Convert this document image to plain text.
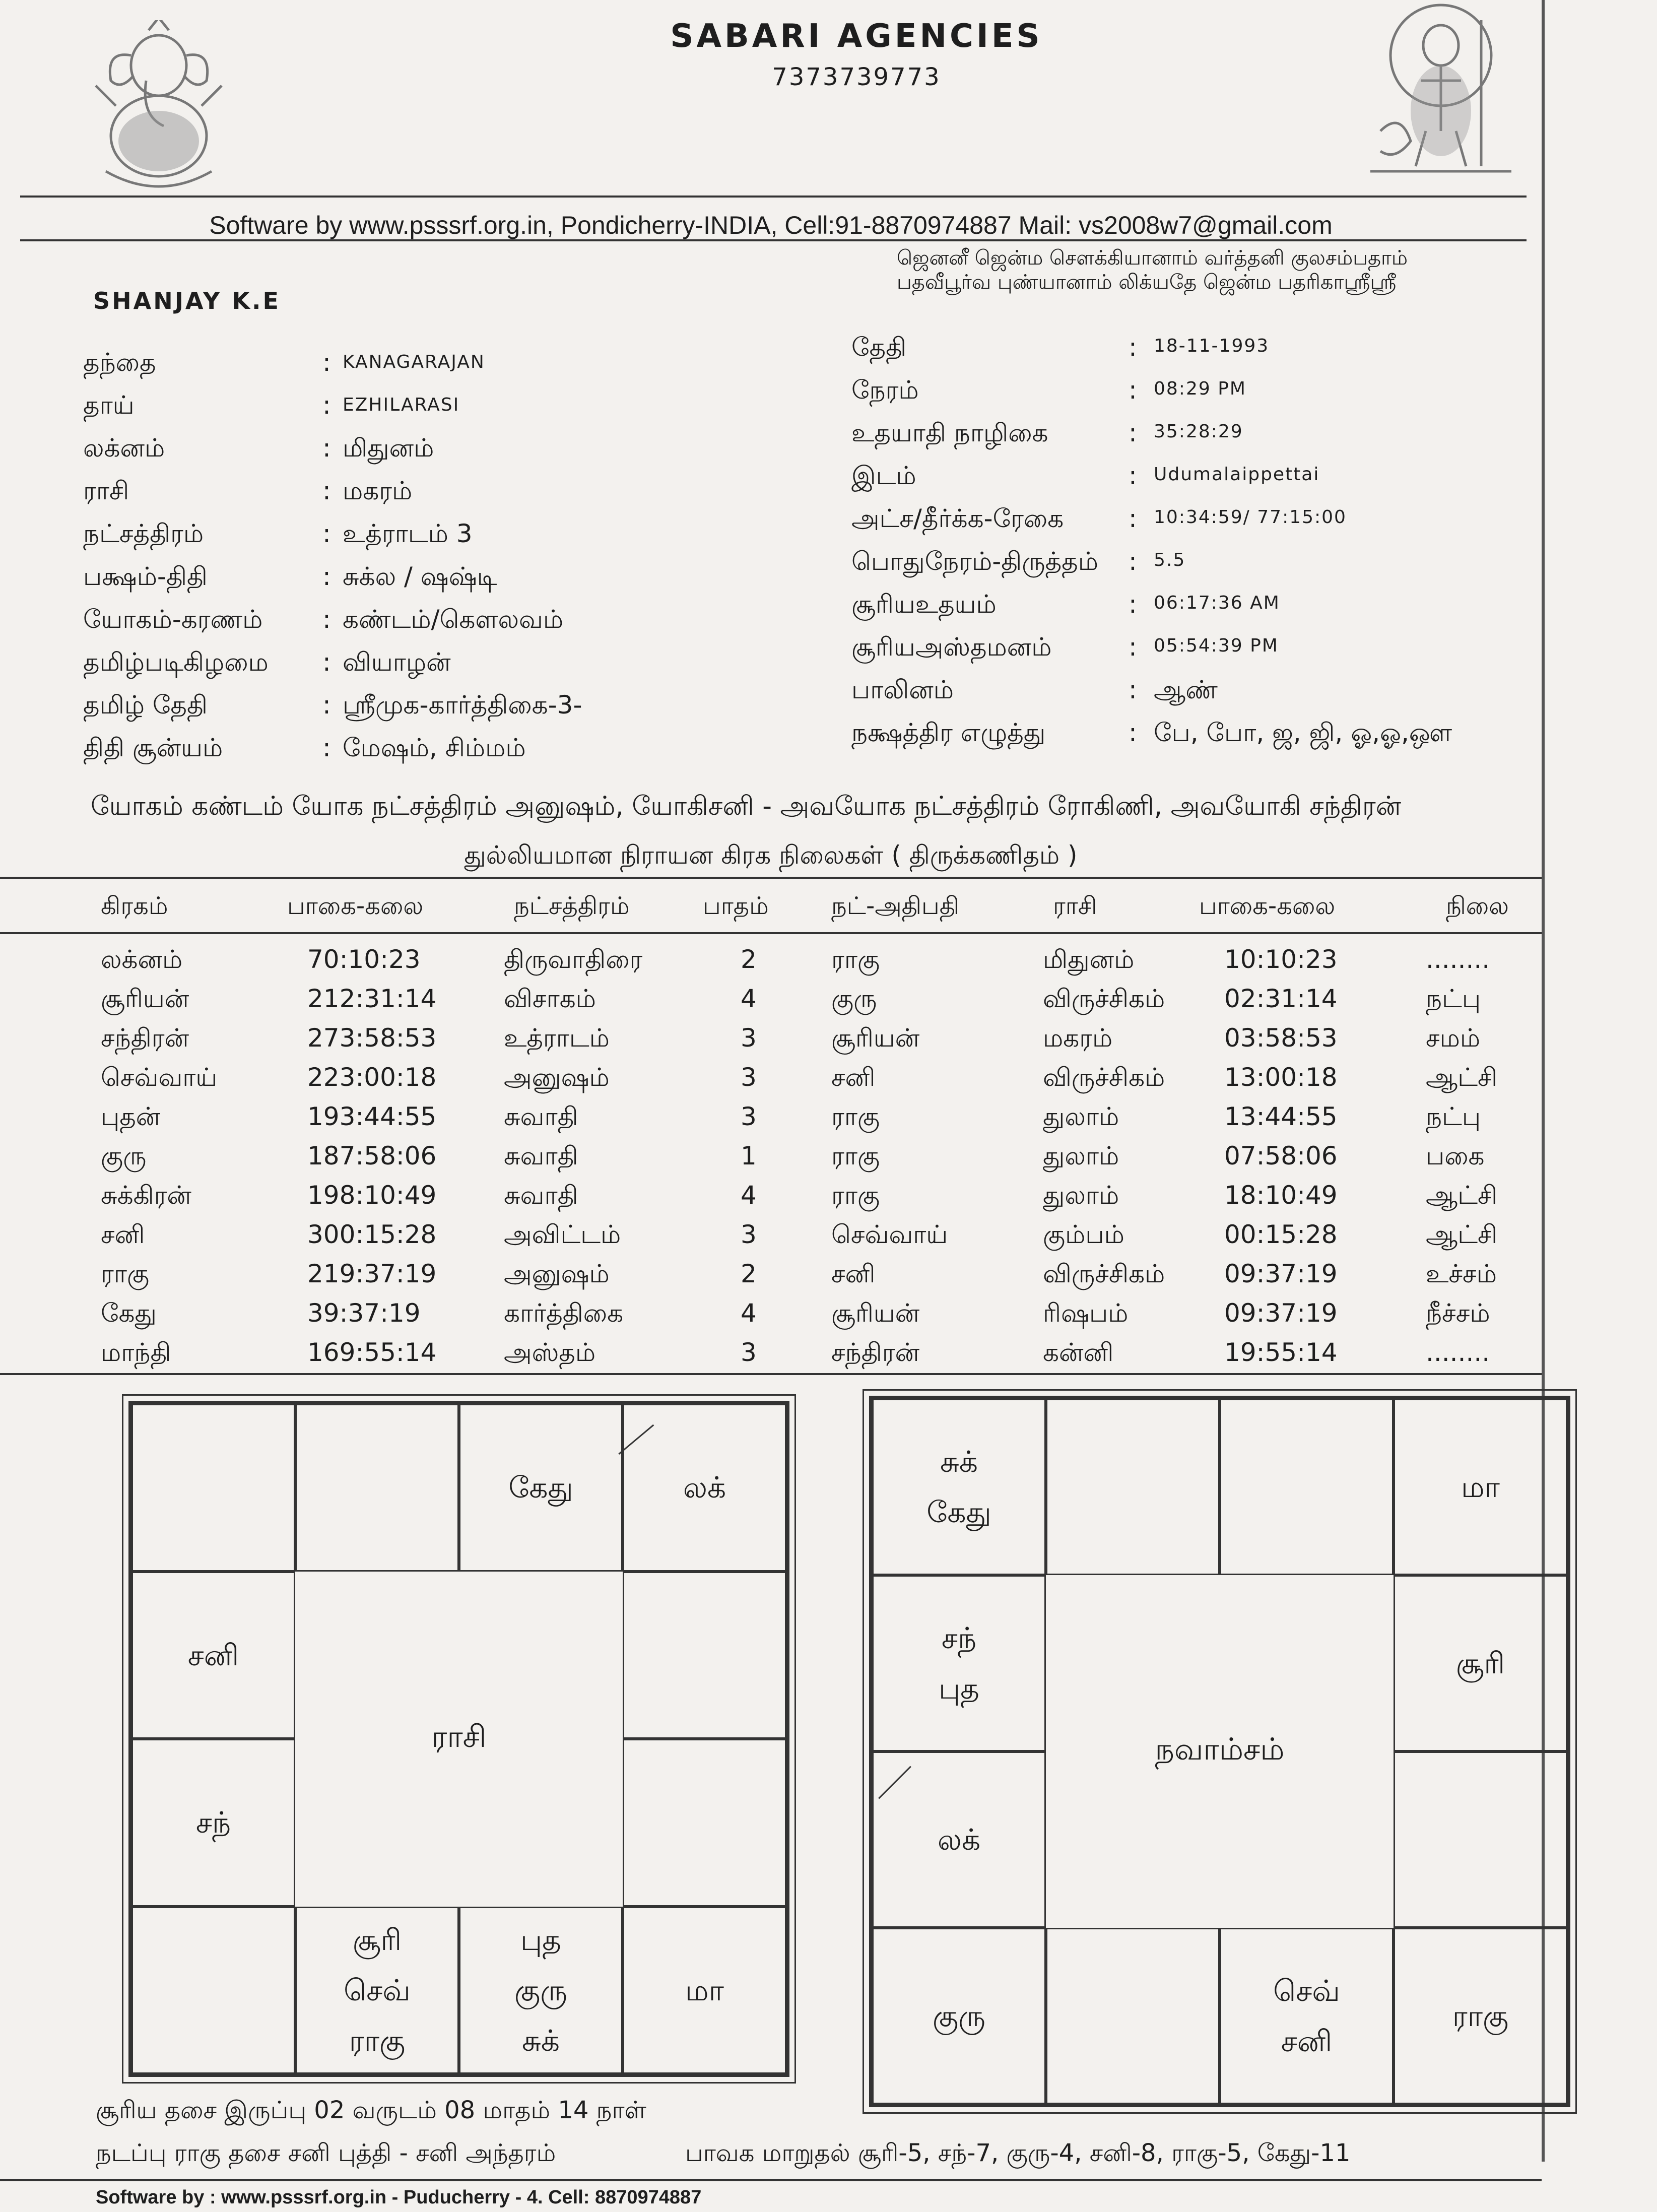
SABARI AGENCIES
7373739773
Software by www.psssrf.org.in, Pondicherry-INDIA, Cell:91-8870974887 Mail: vs2008w7@gmail.com
SHANJAY K.E
ஜெனனீ ஜென்ம சௌக்கியானாம் வர்த்தனி குலசம்பதாம்
பதவீபூர்வ புண்யானாம் லிக்யதே ஜென்ம பதரிகாஸ்ரீஸ்ரீ
தந்தை	: KANAGARAJAN
தாய்	: EZHILARASI
லக்னம்	: மிதுனம்
ராசி	: மகரம்
நட்சத்திரம்	: உத்ராடம் 3
பக்ஷம்-திதி	: சுக்ல / ஷஷ்டி
யோகம்-கரணம் : கண்டம்/கௌலவம்
தமிழ்படிகிழமை : வியாழன்
தமிழ் தேதி	: ஸ்ரீமுக-கார்த்திகை-3-
திதி சூன்யம்	: மேஷம், சிம்மம்
தேதி	: 18-11-1993
நேரம்	: 08:29 PM
உதயாதி நாழிகை	: 35:28:29
இடம்	: Udumalaippettai
அட்ச/தீர்க்க-ரேகை	: 10:34:59/ 77:15:00
பொதுநேரம்-திருத்தம் : 5.5
சூரியஉதயம்	: 06:17:36 AM
சூரியஅஸ்தமனம்	: 05:54:39 PM
பாலினம்	: ஆண்
நக்ஷத்திர எழுத்து	: பே, போ, ஜ, ஜி, ஓ,ஓ,ஔ
யோகம் கண்டம் யோக நட்சத்திரம் அனுஷம், யோகிசனி - அவயோக நட்சத்திரம் ரோகிணி, அவயோகி சந்திரன்
துல்லியமான நிராயன கிரக நிலைகள் ( திருக்கணிதம் )
கிரகம்	பாகை-கலை	நட்சத்திரம்	பாதம்	நட்-அதிபதி	ராசி	பாகை-கலை	நிலை
லக்னம்	70:10:23	திருவாதிரை	2	ராகு	மிதுனம்	10:10:23	........
சூரியன்	212:31:14	விசாகம்	4	குரு	விருச்சிகம் 02:31:14	நட்பு
சந்திரன்	273:58:53	உத்ராடம்	3	சூரியன்	மகரம்	03:58:53	சமம்
செவ்வாய்	223:00:18	அனுஷம்	3	சனி	விருச்சிகம் 13:00:18	ஆட்சி
புதன்	193:44:55	சுவாதி	3	ராகு	துலாம்	13:44:55	நட்பு
குரு	187:58:06	சுவாதி	1	ராகு	துலாம்	07:58:06	பகை
சுக்கிரன்	198:10:49	சுவாதி	4	ராகு	துலாம்	18:10:49	ஆட்சி
சனி	300:15:28	அவிட்டம்	3	செவ்வாய்	கும்பம்	00:15:28	ஆட்சி
ராகு	219:37:19	அனுஷம்	2	சனி	விருச்சிகம் 09:37:19	உச்சம்
கேது	39:37:19	கார்த்திகை	4	சூரியன்	ரிஷபம்	09:37:19	நீச்சம்
மாந்தி	169:55:14	அஸ்தம்	3	சந்திரன்	கன்னி	19:55:14	........
கேது	லக்
சனி
சந்
சூரி
செவ்
ராகு
புத
குரு
சுக்
மா
ராசி
சுக்
கேது
மா
சந்
புத
சூரி
லக்
குரு
செவ்
சனி
ராகு
நவாம்சம்
சூரிய தசை இருப்பு 02 வருடம் 08 மாதம் 14 நாள்
நடப்பு ராகு தசை சனி புத்தி - சனி அந்தரம்	பாவக மாறுதல் சூரி-5, சந்-7, குரு-4, சனி-8, ராகு-5, கேது-11
Software by : www.psssrf.org.in - Puducherry - 4. Cell: 8870974887
